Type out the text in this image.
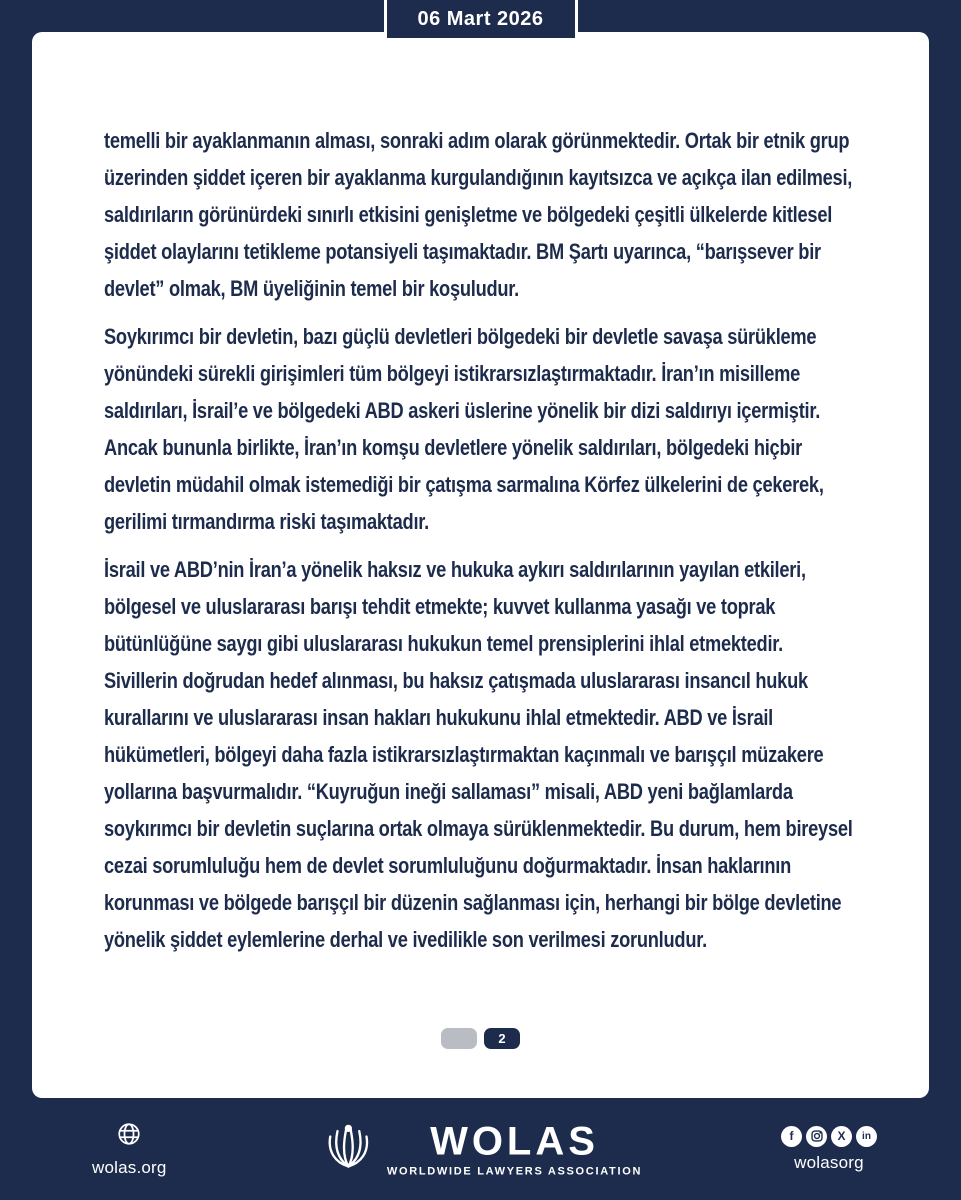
06 Mart 2026

temelli bir ayaklanmanın alması, sonraki adım olarak görünmektedir. Ortak bir etnik grup üzerinden şiddet içeren bir ayaklanma kurgulandığının kayıtsızca ve açıkça ilan edilmesi, saldırıların görünürdeki sınırlı etkisini genişletme ve bölgedeki çeşitli ülkelerde kitlesel şiddet olaylarını tetikleme potansiyeli taşımaktadır. BM Şartı uyarınca, “barışsever bir devlet” olmak, BM üyeliğinin temel bir koşuludur.

Soykırımcı bir devletin, bazı güçlü devletleri bölgedeki bir devletle savaşa sürükleme yönündeki sürekli girişimleri tüm bölgeyi istikrarsızlaştırmaktadır. İran’ın misilleme saldırıları, İsrail’e ve bölgedeki ABD askeri üslerine yönelik bir dizi saldırıyı içermiştir. Ancak bununla birlikte, İran’ın komşu devletlere yönelik saldırıları, bölgedeki hiçbir devletin müdahil olmak istemediği bir çatışma sarmalına Körfez ülkelerini de çekerek, gerilimi tırmandırma riski taşımaktadır.

İsrail ve ABD’nin İran’a yönelik haksız ve hukuka aykırı saldırılarının yayılan etkileri, bölgesel ve uluslararası barışı tehdit etmekte; kuvvet kullanma yasağı ve toprak bütünlüğüne saygı gibi uluslararası hukukun temel prensiplerini ihlal etmektedir. Sivillerin doğrudan hedef alınması, bu haksız çatışmada uluslararası insancıl hukuk kurallarını ve uluslararası insan hakları hukukunu ihlal etmektedir. ABD ve İsrail hükümetleri, bölgeyi daha fazla istikrarsızlaştırmaktan kaçınmalı ve barışçıl müzakere yollarına başvurmalıdır. “Kuyruğun ineği sallaması” misali, ABD yeni bağlamlarda soykırımcı bir devletin suçlarına ortak olmaya sürüklenmektedir. Bu durum, hem bireysel cezai sorumluluğu hem de devlet sorumluluğunu doğurmaktadır. İnsan haklarının korunması ve bölgede barışçıl bir düzenin sağlanması için, herhangi bir bölge devletine yönelik şiddet eylemlerine derhal ve ivedilikle son verilmesi zorunludur.

2
wolas.org
WOLAS
WORLDWIDE LAWYERS ASSOCIATION
f	X	in
wolasorg
